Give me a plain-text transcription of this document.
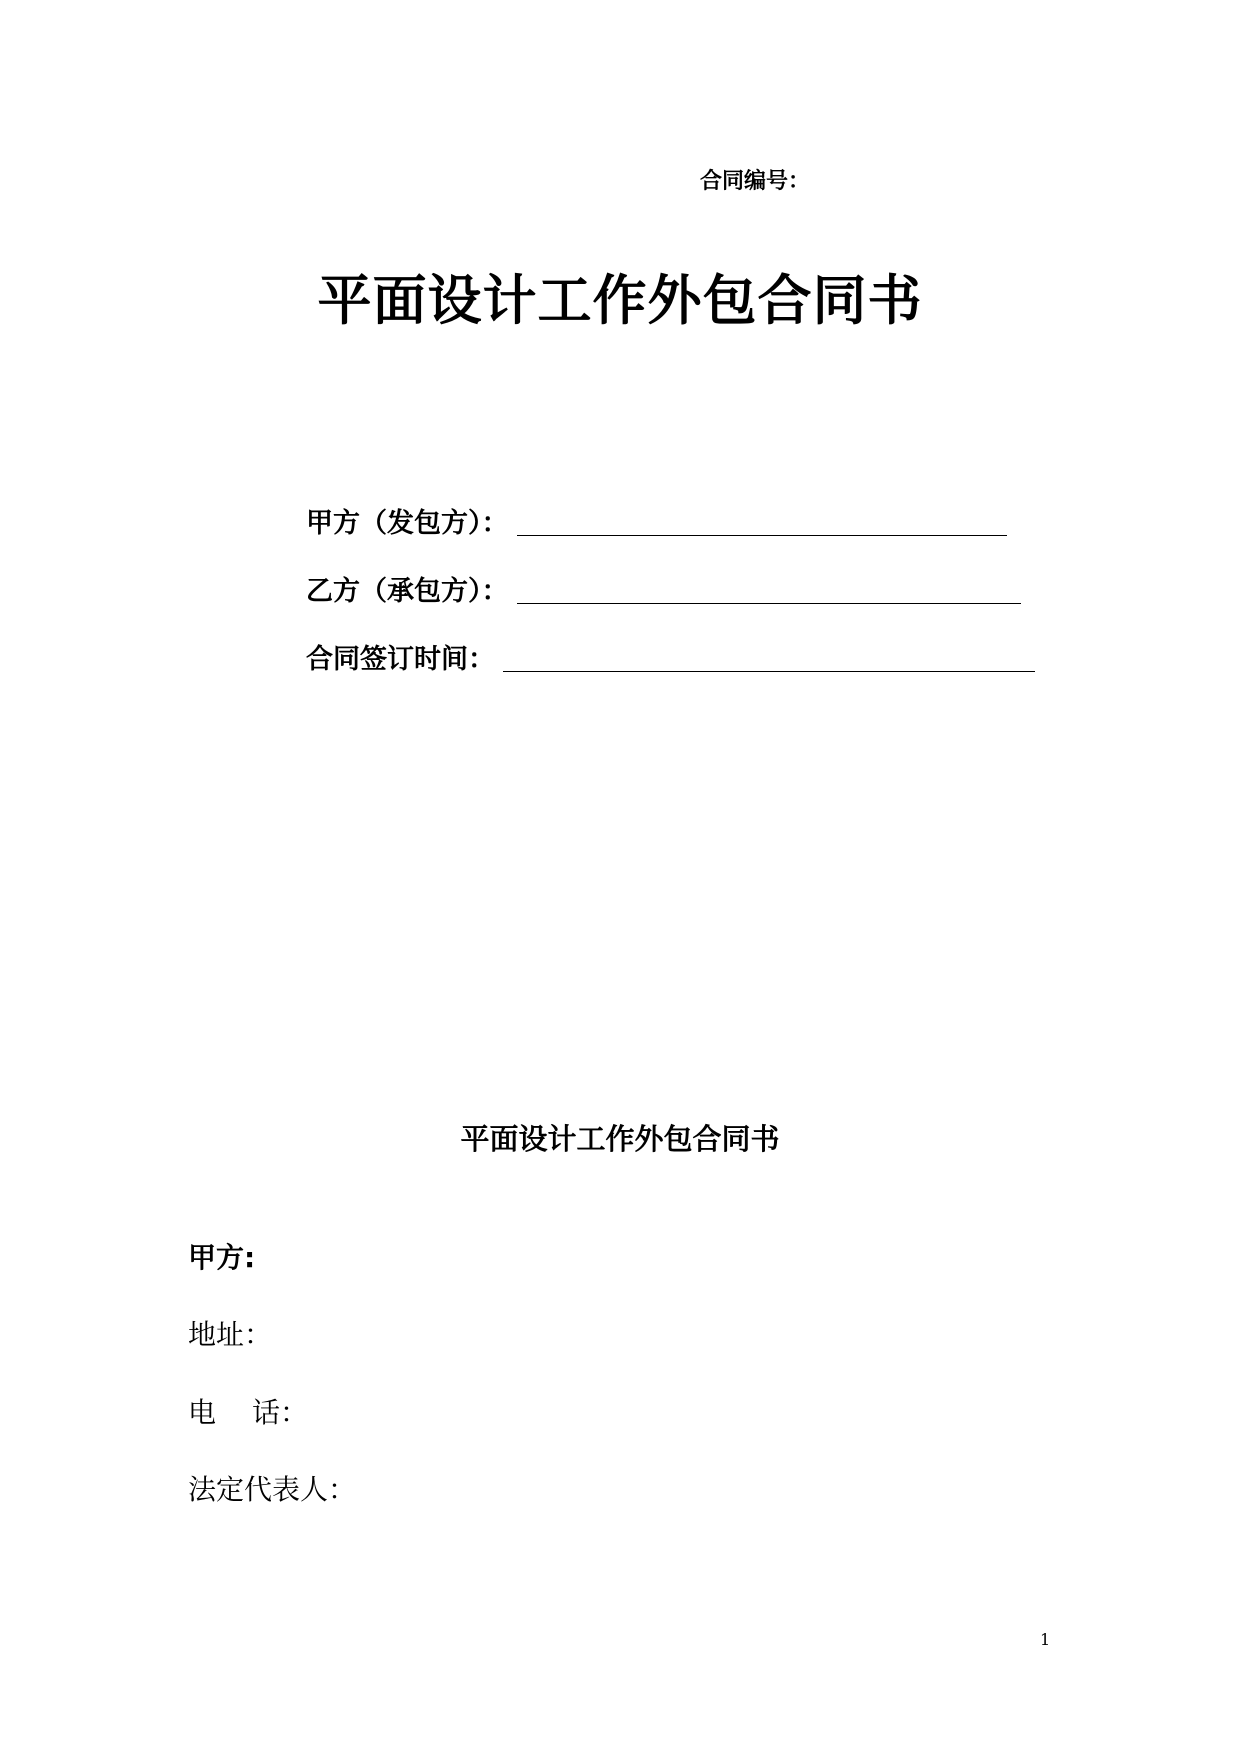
合同编号：
平面设计工作外包合同书
甲方（发包方）：
乙方（承包方）：
合同签订时间：
平面设计工作外包合同书
甲方:
地址：
电 话：
法定代表人：
1
